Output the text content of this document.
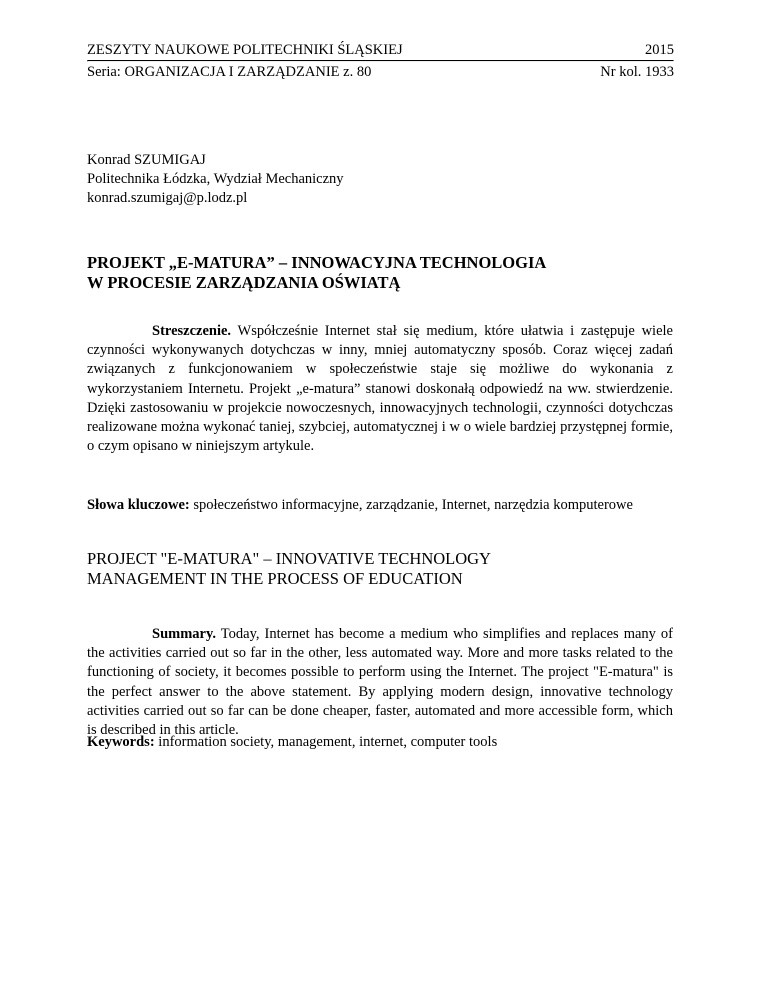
ZESZYTY NAUKOWE POLITECHNIKI ŚLĄSKIEJ	2015
Seria: ORGANIZACJA I ZARZĄDZANIE z. 80	Nr kol. 1933
Konrad SZUMIGAJ
Politechnika Łódzka, Wydział Mechaniczny
konrad.szumigaj@p.lodz.pl
PROJEKT „E-MATURA” – INNOWACYJNA TECHNOLOGIA
W PROCESIE ZARZĄDZANIA OŚWIATĄ

Streszczenie. Współcześnie Internet stał się medium, które ułatwia i zastępuje wiele czynności wykonywanych dotychczas w inny, mniej automatyczny sposób. Coraz więcej zadań związanych z funkcjonowaniem w społeczeństwie staje się możliwe do wykonania z wykorzystaniem Internetu. Projekt „e-matura” stanowi doskonałą odpowiedź na ww. stwierdzenie. Dzięki zastosowaniu w projekcie nowoczesnych, innowacyjnych technologii, czynności dotychczas realizowane można wykonać taniej, szybciej, automatycznej i w o wiele bardziej przystępnej formie, o czym opisano w niniejszym artykule.

Słowa kluczowe: społeczeństwo informacyjne, zarządzanie, Internet, narzędzia komputerowe

PROJECT "E-MATURA" – INNOVATIVE TECHNOLOGY
MANAGEMENT IN THE PROCESS OF EDUCATION

Summary. Today, Internet has become a medium who simplifies and replaces many of the activities carried out so far in the other, less automated way. More and more tasks related to the functioning of society, it becomes possible to perform using the Internet. The project "E-matura" is the perfect answer to the above statement. By applying modern design, innovative technology activities carried out so far can be done cheaper, faster, automated and more accessible form, which is described in this article.

Keywords: information society, management, internet, computer tools
